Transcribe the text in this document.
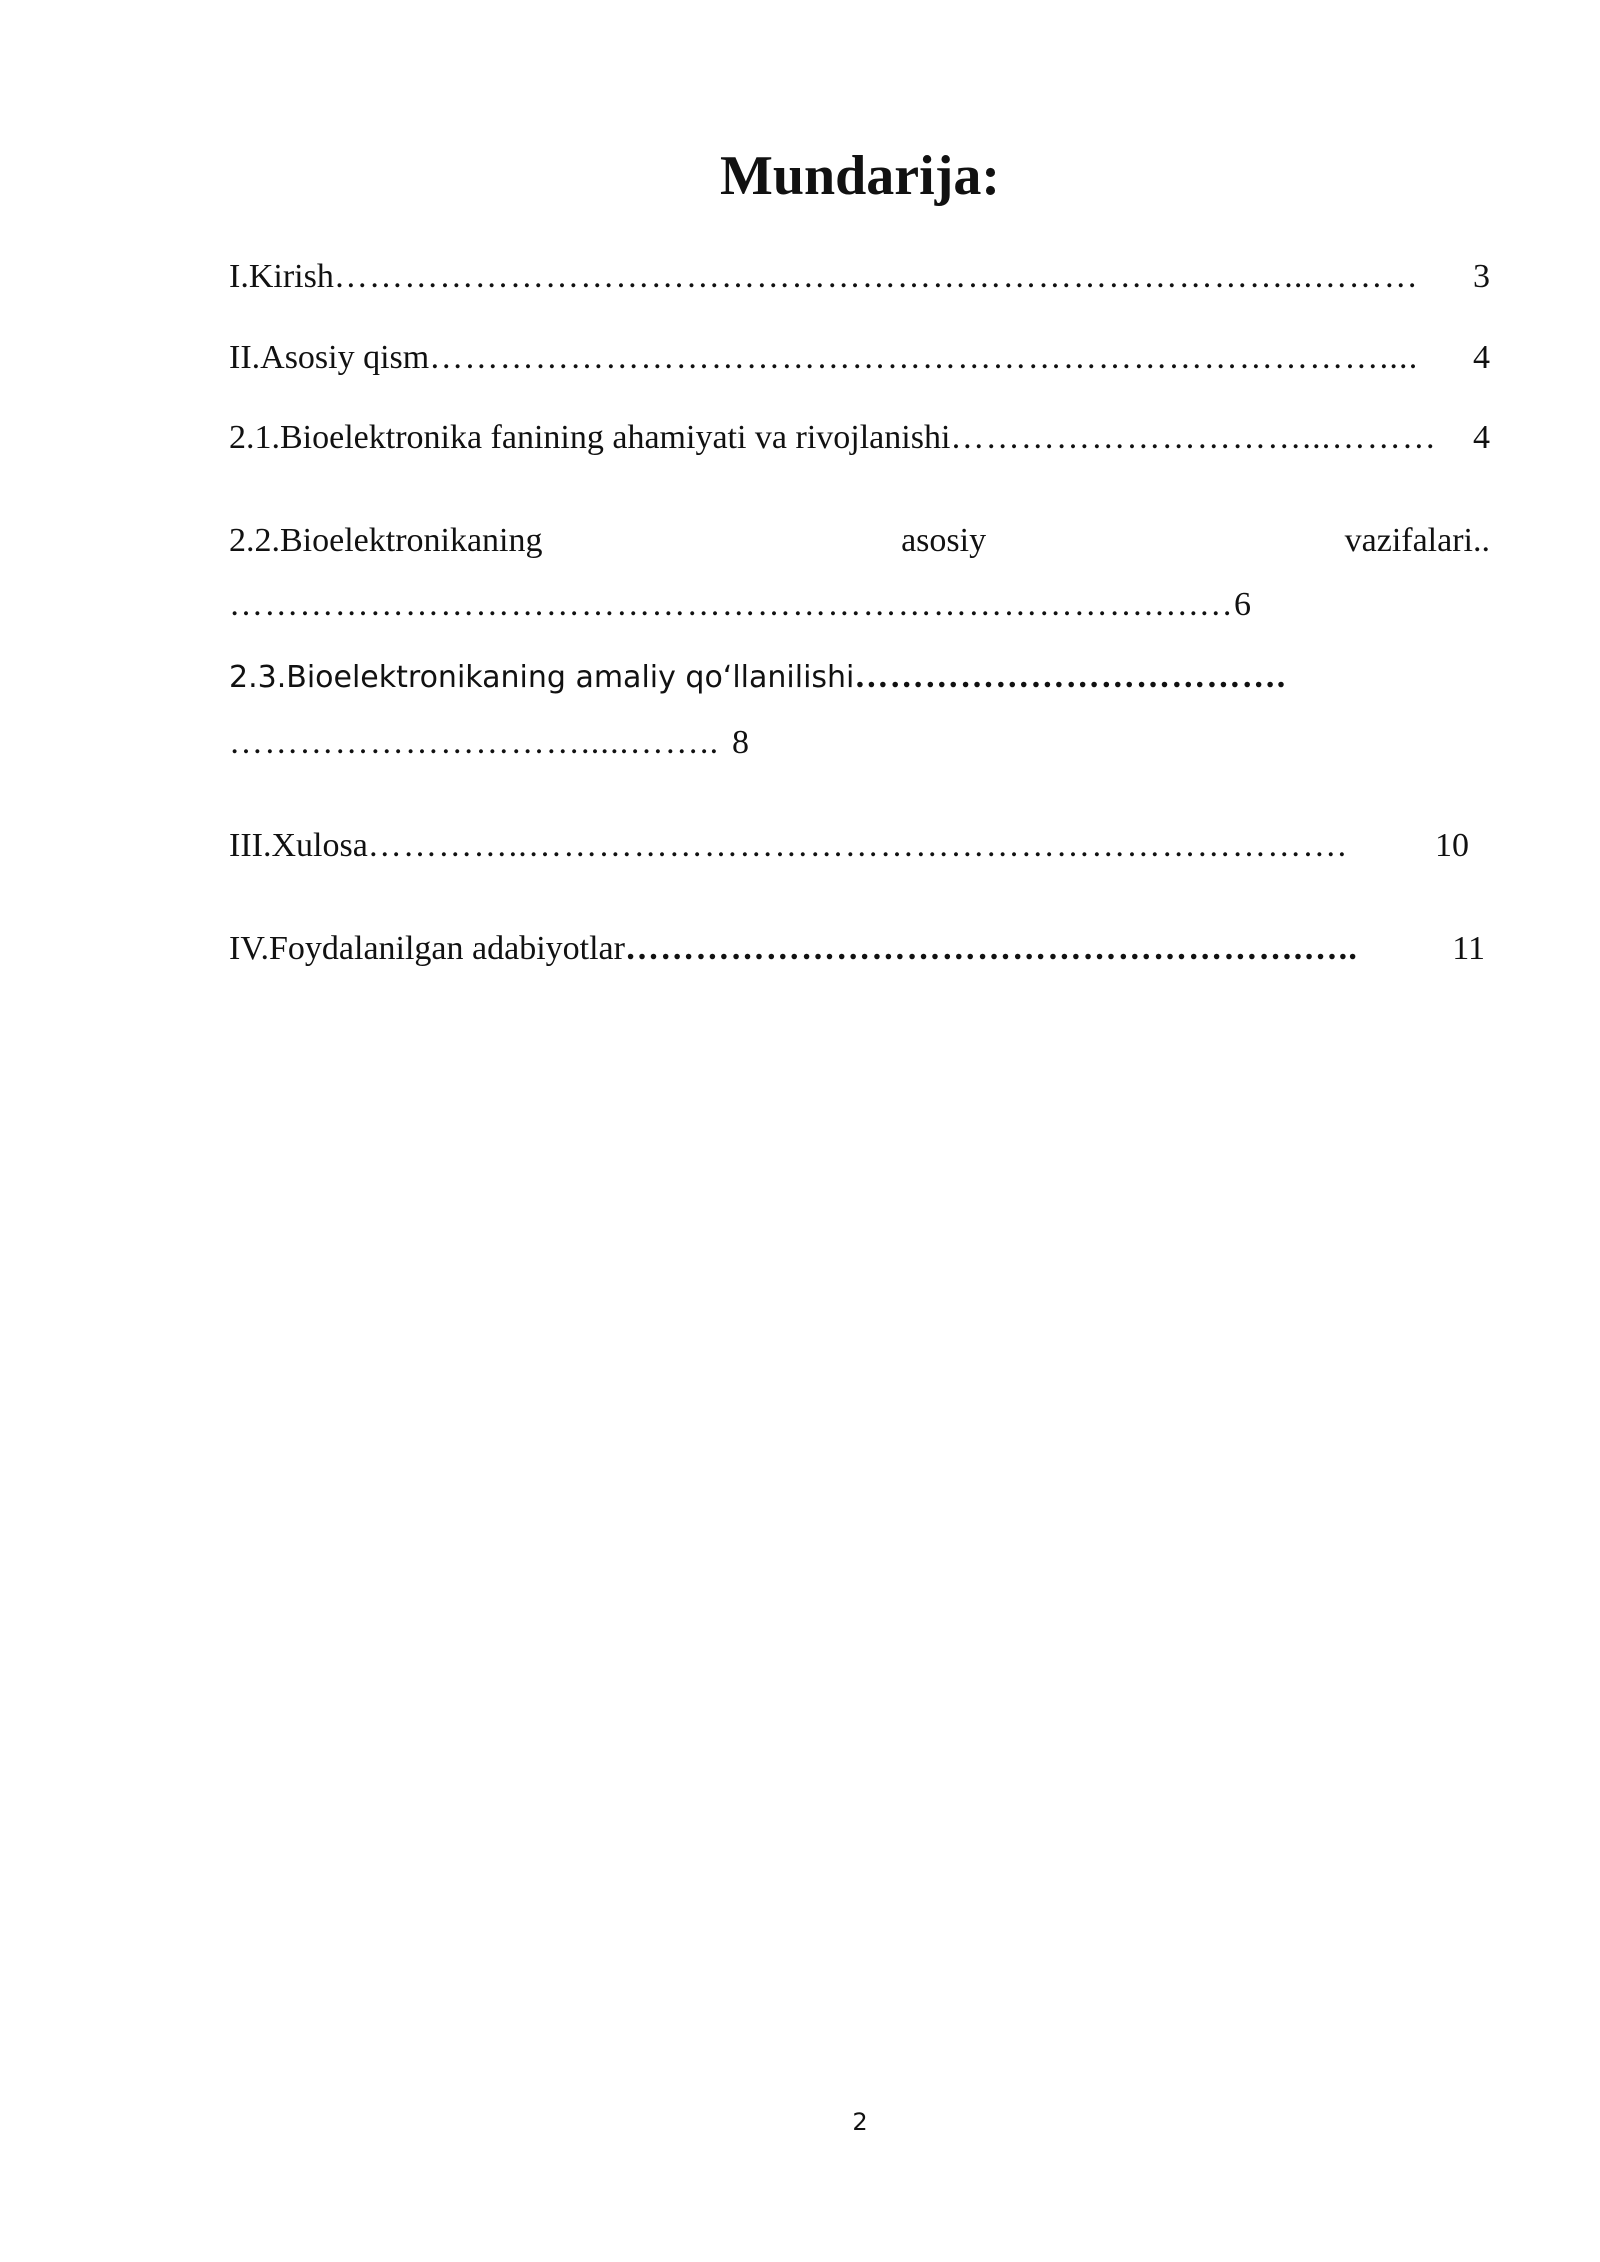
Mundarija:
I.Kirish ………………………………………………………………………...………	3
II.Asosiy qism ………………………………………………………………………....	4
2.1.Bioelektronika fanining ahamiyati va rivojlanishi …………………………...………	4
2.2.Bioelektronikaning	asosiy	vazifalari..
…………………………………………………………………….….… 6
2.3.Bioelektronikaning amaliy qo‘llanilishi ……………………………….
………………………….....…….. 8
III.Xulosa …………..…………………………………………………………….	10
IV.Foydalanilgan adabiyotlar ………………………………………………….…..	11
2
